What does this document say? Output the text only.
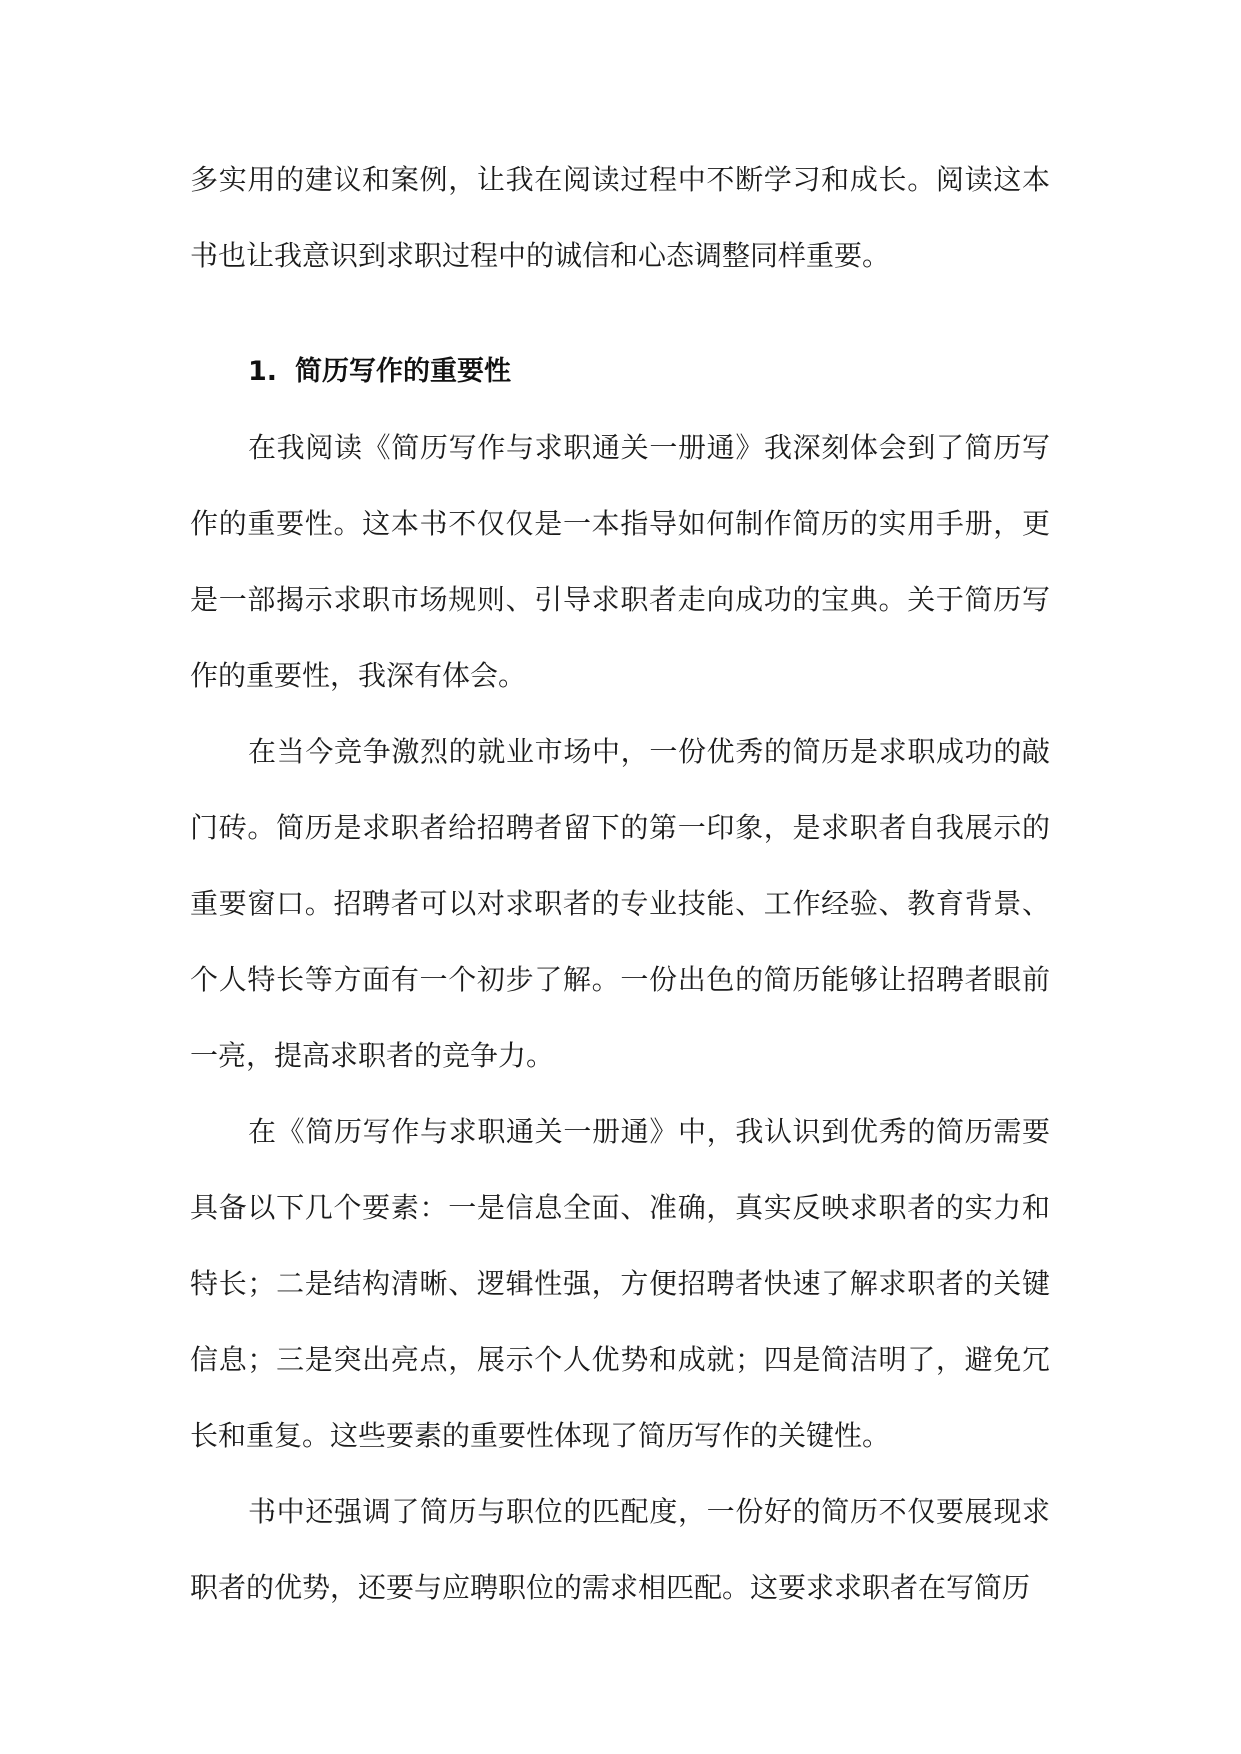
多实用的建议和案例，让我在阅读过程中不断学习和成长。阅读这本书也让我意识到求职过程中的诚信和心态调整同样重要。

1. 简历写作的重要性

在我阅读《简历写作与求职通关一册通》我深刻体会到了简历写作的重要性。这本书不仅仅是一本指导如何制作简历的实用手册，更是一部揭示求职市场规则、引导求职者走向成功的宝典。关于简历写作的重要性，我深有体会。

在当今竞争激烈的就业市场中，一份优秀的简历是求职成功的敲门砖。简历是求职者给招聘者留下的第一印象，是求职者自我展示的重要窗口。招聘者可以对求职者的专业技能、工作经验、教育背景、个人特长等方面有一个初步了解。一份出色的简历能够让招聘者眼前一亮，提高求职者的竞争力。

在《简历写作与求职通关一册通》中，我认识到优秀的简历需要具备以下几个要素：一是信息全面、准确，真实反映求职者的实力和特长；二是结构清晰、逻辑性强，方便招聘者快速了解求职者的关键信息；三是突出亮点，展示个人优势和成就；四是简洁明了，避免冗长和重复。这些要素的重要性体现了简历写作的关键性。

书中还强调了简历与职位的匹配度，一份好的简历不仅要展现求职者的优势，还要与应聘职位的需求相匹配。这要求求职者在写简历
